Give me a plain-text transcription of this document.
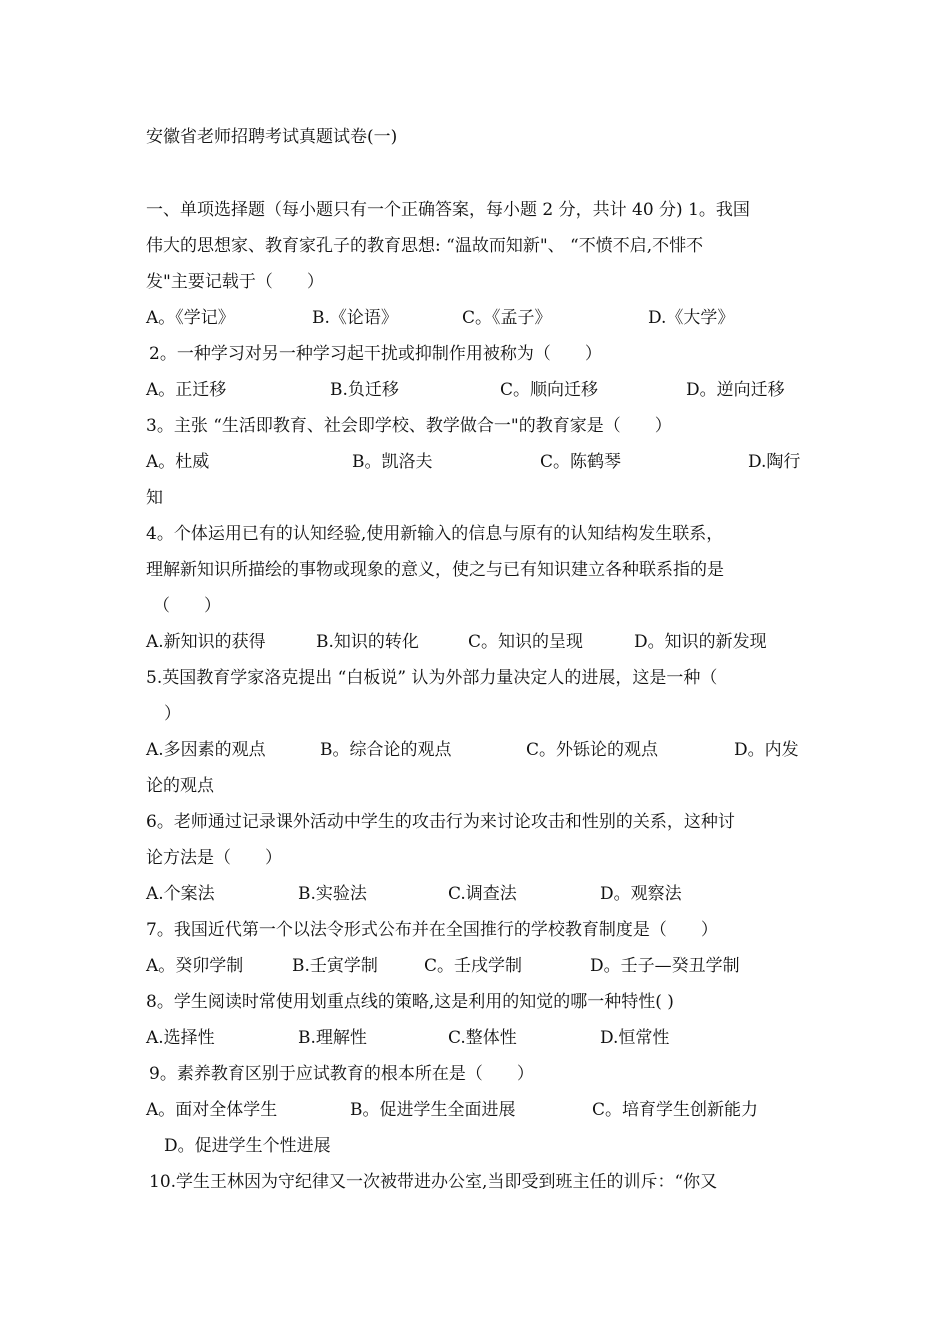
安徽省老师招聘考试真题试卷(一)
一、单项选择题（每小题只有一个正确答案，每小题 2 分，共计 40 分) 1。我国
伟大的思想家、教育家孔子的教育思想: “温故而知新"、 “不愤不启,不悱不
发"主要记载于（　　）
A。《学记》	B.《论语》	C。《孟子》	D.《大学》
2。一种学习对另一种学习起干扰或抑制作用被称为（　　）
A。正迁移	B.负迁移	C。顺向迁移	D。逆向迁移
3。主张 “生活即教育、社会即学校、教学做合一"的教育家是（　　）
A。杜威	B。凯洛夫	C。陈鹤琴	D.陶行
知
4。个体运用已有的认知经验,使用新输入的信息与原有的认知结构发生联系，
理解新知识所描绘的事物或现象的意义，使之与已有知识建立各种联系指的是
（　　）
A.新知识的获得	B.知识的转化	C。知识的呈现	D。知识的新发现
5.英国教育学家洛克提出 “白板说” 认为外部力量决定人的进展，这是一种（
）
A.多因素的观点	B。综合论的观点	C。外铄论的观点	D。内发
论的观点
6。老师通过记录课外活动中学生的攻击行为来讨论攻击和性别的关系，这种讨
论方法是（　　）
A.个案法	B.实验法	C.调查法	D。观察法
7。我国近代第一个以法令形式公布并在全国推行的学校教育制度是（　　）
A。癸卯学制	B.壬寅学制	C。壬戌学制	D。壬子—癸丑学制
8。学生阅读时常使用划重点线的策略,这是利用的知觉的哪一种特性( )
A.选择性	B.理解性	C.整体性	D.恒常性
9。素养教育区别于应试教育的根本所在是（　　）
A。面对全体学生	B。促进学生全面进展	C。培育学生创新能力
D。促进学生个性进展
10.学生王林因为守纪律又一次被带进办公室,当即受到班主任的训斥：“你又
